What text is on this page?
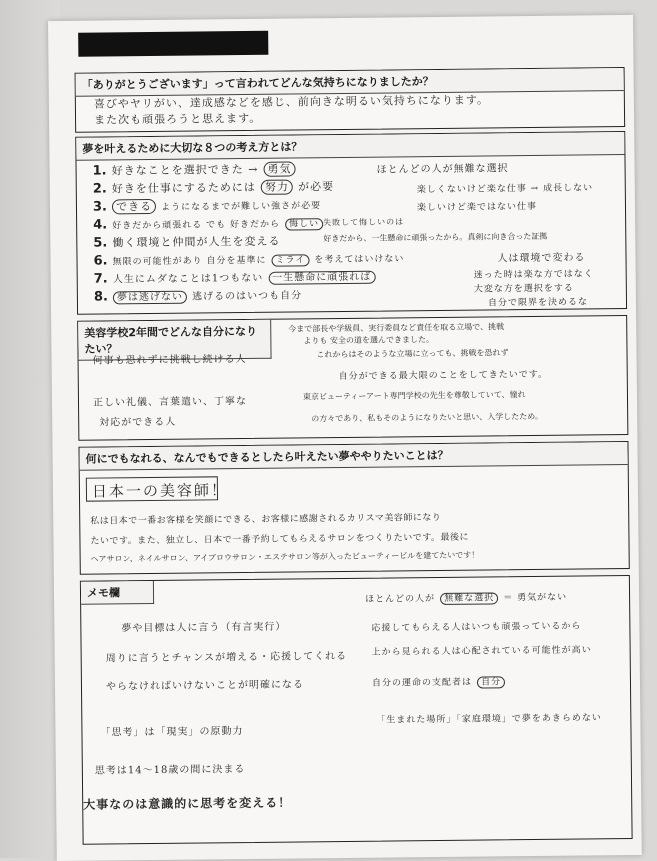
「ありがとうございます」って言われてどんな気持ちになりましたか？
喜びやヤリがい、達成感などを感じ、前向きな明るい気持ちになります。
また次も頑張ろうと思えます。
夢を叶えるために大切な８つの考え方とは？
1. 好きなことを選択できた → 勇気
2. 好きを仕事にするためには 努力 が必要
3. できる ようになるまでが難しい強さが必要
4. 好きだから頑張れる でも 好きだから 悔しい
5. 働く環境と仲間が人生を変える
6. 無限の可能性があり 自分を基準に ミライ を考えてはいけない
7. 人生にムダなことは1つもない 一生懸命に頑張れば
8. 夢は逃げない 逃げるのはいつも自分
ほとんどの人が無難な選択
楽しくないけど楽な仕事 → 成長しない
楽しいけど楽ではない仕事
失敗して悔しいのは
好きだから、一生懸命に頑張ったから。真剣に向き合った証拠
人は環境で変わる
迷った時は楽な方ではなく
大変な方を選択をする
自分で限界を決めるな
美容学校2年間でどんな自分になりたい？
今まで部長や学級員、実行委員など責任を取る立場で、挑戦
よりも 安全の道を選んできました。
何事も恐れずに挑戦し続ける人
これからはそのような立場に立っても、挑戦を恐れず
自分ができる最大限のことをしてきたいです。
正しい礼儀、言葉遣い、丁寧な
東京ビューティーアート専門学校の先生を尊敬していて、憧れ
対応ができる人	の方々であり、私もそのようになりたいと思い、入学したため。
何にでもなれる、なんでもできるとしたら叶えたい夢ややりたいことは？
日本一の美容師！
私は日本で一番お客様を笑顔にできる、お客様に感謝されるカリスマ美容師になり
たいです。また、独立し、日本で一番予約してもらえるサロンをつくりたいです。最後に
ヘアサロン、ネイルサロン、アイブロウサロン・エステサロン等が入ったビューティービルを建てたいです！
メモ欄
夢や目標は人に言う（有言実行）
周りに言うとチャンスが増える・応援してくれる
やらなければいけないことが明確になる
「思考」は「現実」の原動力
思考は14〜18歳の間に決まる
大事なのは意識的に思考を変える！
ほとんどの人が 無難な選択 ＝ 勇気がない
応援してもらえる人はいつも頑張っているから
上から見られる人は心配されている可能性が高い
自分の運命の支配者は 自分
「生まれた場所」「家庭環境」で夢をあきらめない
